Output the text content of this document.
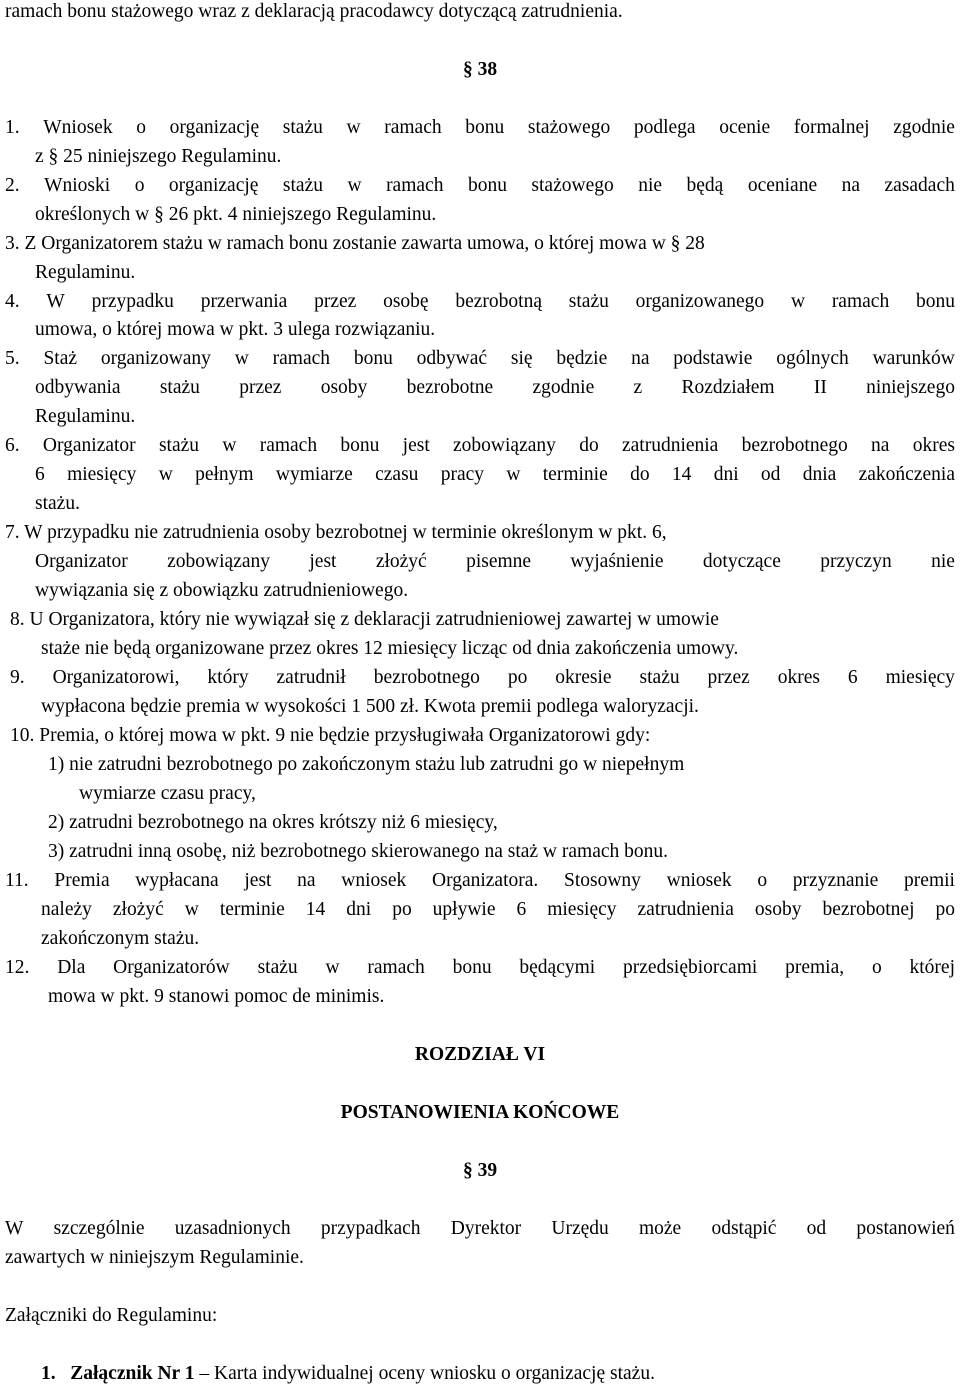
ramach bonu stażowego wraz z deklaracją pracodawcy dotyczącą zatrudnienia.
§ 38
1. Wniosek o organizację stażu w ramach bonu stażowego podlega ocenie formalnej zgodnie
z § 25 niniejszego Regulaminu.
2. Wnioski o organizację stażu w ramach bonu stażowego nie będą oceniane na zasadach
określonych w § 26 pkt. 4 niniejszego Regulaminu.
3. Z Organizatorem stażu w ramach bonu zostanie zawarta umowa, o której mowa w § 28
Regulaminu.
4. W przypadku przerwania przez osobę bezrobotną stażu organizowanego w ramach bonu
umowa, o której mowa w pkt. 3 ulega rozwiązaniu.
5. Staż organizowany w ramach bonu odbywać się będzie na podstawie ogólnych warunków
odbywania stażu przez osoby bezrobotne zgodnie z Rozdziałem II niniejszego
Regulaminu.
6. Organizator stażu w ramach bonu jest zobowiązany do zatrudnienia bezrobotnego na okres
6 miesięcy w pełnym wymiarze czasu pracy w terminie do 14 dni od dnia zakończenia
stażu.
7. W przypadku nie zatrudnienia osoby bezrobotnej w terminie określonym w pkt. 6,
Organizator zobowiązany jest złożyć pisemne wyjaśnienie dotyczące przyczyn nie
wywiązania się z obowiązku zatrudnieniowego.
8. U Organizatora, który nie wywiązał się z deklaracji zatrudnieniowej zawartej w umowie
staże nie będą organizowane przez okres 12 miesięcy licząc od dnia zakończenia umowy.
9. Organizatorowi, który zatrudnił bezrobotnego po okresie stażu przez okres 6 miesięcy
wypłacona będzie premia w wysokości 1 500 zł. Kwota premii podlega waloryzacji.
10. Premia, o której mowa w pkt. 9 nie będzie przysługiwała Organizatorowi gdy:
1) nie zatrudni bezrobotnego po zakończonym stażu lub zatrudni go w niepełnym
wymiarze czasu pracy,
2) zatrudni bezrobotnego na okres krótszy niż 6 miesięcy,
3) zatrudni inną osobę, niż bezrobotnego skierowanego na staż w ramach bonu.
11. Premia wypłacana jest na wniosek Organizatora. Stosowny wniosek o przyznanie premii
należy złożyć w terminie 14 dni po upływie 6 miesięcy zatrudnienia osoby bezrobotnej po
zakończonym stażu.
12. Dla Organizatorów stażu w ramach bonu będącymi przedsiębiorcami premia, o której
mowa w pkt. 9 stanowi pomoc de minimis.
ROZDZIAŁ VI
POSTANOWIENIA KOŃCOWE
§ 39
W szczególnie uzasadnionych przypadkach Dyrektor Urzędu może odstąpić od postanowień
zawartych w niniejszym Regulaminie.
Załączniki do Regulaminu:
1. Załącznik Nr 1 – Karta indywidualnej oceny wniosku o organizację stażu.
